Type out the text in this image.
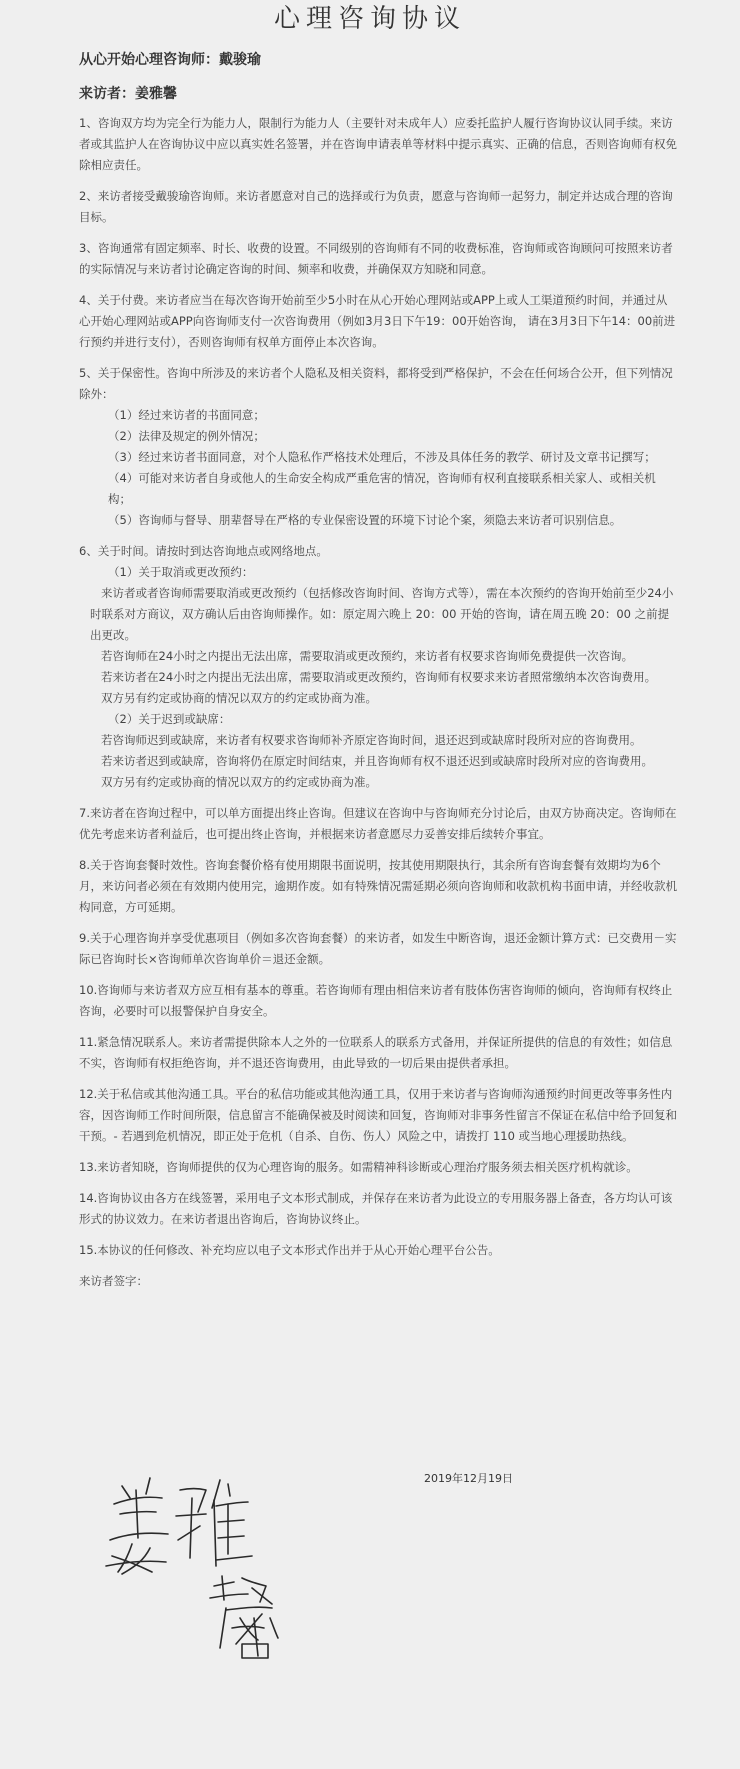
心理咨询协议
从心开始心理咨询师：戴骏瑜
来访者：姜雅馨

1、咨询双方均为完全行为能力人，限制行为能力人（主要针对未成年人）应委托监护人履行咨询协议认同手续。来访者或其监护人在咨询协议中应以真实姓名签署，并在咨询申请表单等材料中提示真实、正确的信息，否则咨询师有权免除相应责任。

2、来访者接受戴骏瑜咨询师。来访者愿意对自己的选择或行为负责，愿意与咨询师一起努力，制定并达成合理的咨询目标。

3、咨询通常有固定频率、时长、收费的设置。不同级别的咨询师有不同的收费标准，咨询师或咨询顾问可按照来访者的实际情况与来访者讨论确定咨询的时间、频率和收费，并确保双方知晓和同意。

4、关于付费。来访者应当在每次咨询开始前至少5小时在从心开始心理网站或APP上或人工渠道预约时间，并通过从心开始心理网站或APP向咨询师支付一次咨询费用（例如3月3日下午19：00开始咨询， 请在3月3日下午14：00前进行预约并进行支付），否则咨询师有权单方面停止本次咨询。

5、关于保密性。咨询中所涉及的来访者个人隐私及相关资料，都将受到严格保护，不会在任何场合公开，但下列情况除外：

（1）经过来访者的书面同意；

（2）法律及规定的例外情况；

（3）经过来访者书面同意，对个人隐私作严格技术处理后，不涉及具体任务的教学、研讨及文章书记撰写；

（4）可能对来访者自身或他人的生命安全构成严重危害的情况，咨询师有权利直接联系相关家人、或相关机构；

（5）咨询师与督导、朋辈督导在严格的专业保密设置的环境下讨论个案，须隐去来访者可识别信息。

6、关于时间。请按时到达咨询地点或网络地点。

（1）关于取消或更改预约：

来访者或者咨询师需要取消或更改预约（包括修改咨询时间、咨询方式等），需在本次预约的咨询开始前至少24小时联系对方商议，双方确认后由咨询师操作。如：原定周六晚上 20：00 开始的咨询，请在周五晚 20：00 之前提出更改。

若咨询师在24小时之内提出无法出席，需要取消或更改预约，来访者有权要求咨询师免费提供一次咨询。

若来访者在24小时之内提出无法出席，需要取消或更改预约，咨询师有权要求来访者照常缴纳本次咨询费用。

双方另有约定或协商的情况以双方的约定或协商为准。

（2）关于迟到或缺席：

若咨询师迟到或缺席，来访者有权要求咨询师补齐原定咨询时间，退还迟到或缺席时段所对应的咨询费用。

若来访者迟到或缺席，咨询将仍在原定时间结束，并且咨询师有权不退还迟到或缺席时段所对应的咨询费用。

双方另有约定或协商的情况以双方的约定或协商为准。

7.来访者在咨询过程中，可以单方面提出终止咨询。但建议在咨询中与咨询师充分讨论后，由双方协商决定。咨询师在优先考虑来访者利益后，也可提出终止咨询，并根据来访者意愿尽力妥善安排后续转介事宜。

8.关于咨询套餐时效性。咨询套餐价格有使用期限书面说明，按其使用期限执行，其余所有咨询套餐有效期均为6个月，来访问者必须在有效期内使用完，逾期作废。如有特殊情况需延期必须向咨询师和收款机构书面申请，并经收款机构同意，方可延期。

9.关于心理咨询并享受优惠项目（例如多次咨询套餐）的来访者，如发生中断咨询，退还金额计算方式：已交费用－实际已咨询时长×咨询师单次咨询单价＝退还金额。

10.咨询师与来访者双方应互相有基本的尊重。若咨询师有理由相信来访者有肢体伤害咨询师的倾向，咨询师有权终止咨询，必要时可以报警保护自身安全。

11.紧急情况联系人。来访者需提供除本人之外的一位联系人的联系方式备用，并保证所提供的信息的有效性；如信息不实，咨询师有权拒绝咨询，并不退还咨询费用，由此导致的一切后果由提供者承担。

12.关于私信或其他沟通工具。平台的私信功能或其他沟通工具，仅用于来访者与咨询师沟通预约时间更改等事务性内容，因咨询师工作时间所限，信息留言不能确保被及时阅读和回复，咨询师对非事务性留言不保证在私信中给予回复和干预。- 若遇到危机情况，即正处于危机（自杀、自伤、伤人）风险之中，请拨打 110 或当地心理援助热线。

13.来访者知晓，咨询师提供的仅为心理咨询的服务。如需精神科诊断或心理治疗服务须去相关医疗机构就诊。

14.咨询协议由各方在线签署，采用电子文本形式制成，并保存在来访者为此设立的专用服务器上备查，各方均认可该形式的协议效力。在来访者退出咨询后，咨询协议终止。

15.本协议的任何修改、补充均应以电子文本形式作出并于从心开始心理平台公告。

来访者签字：

2019年12月19日
